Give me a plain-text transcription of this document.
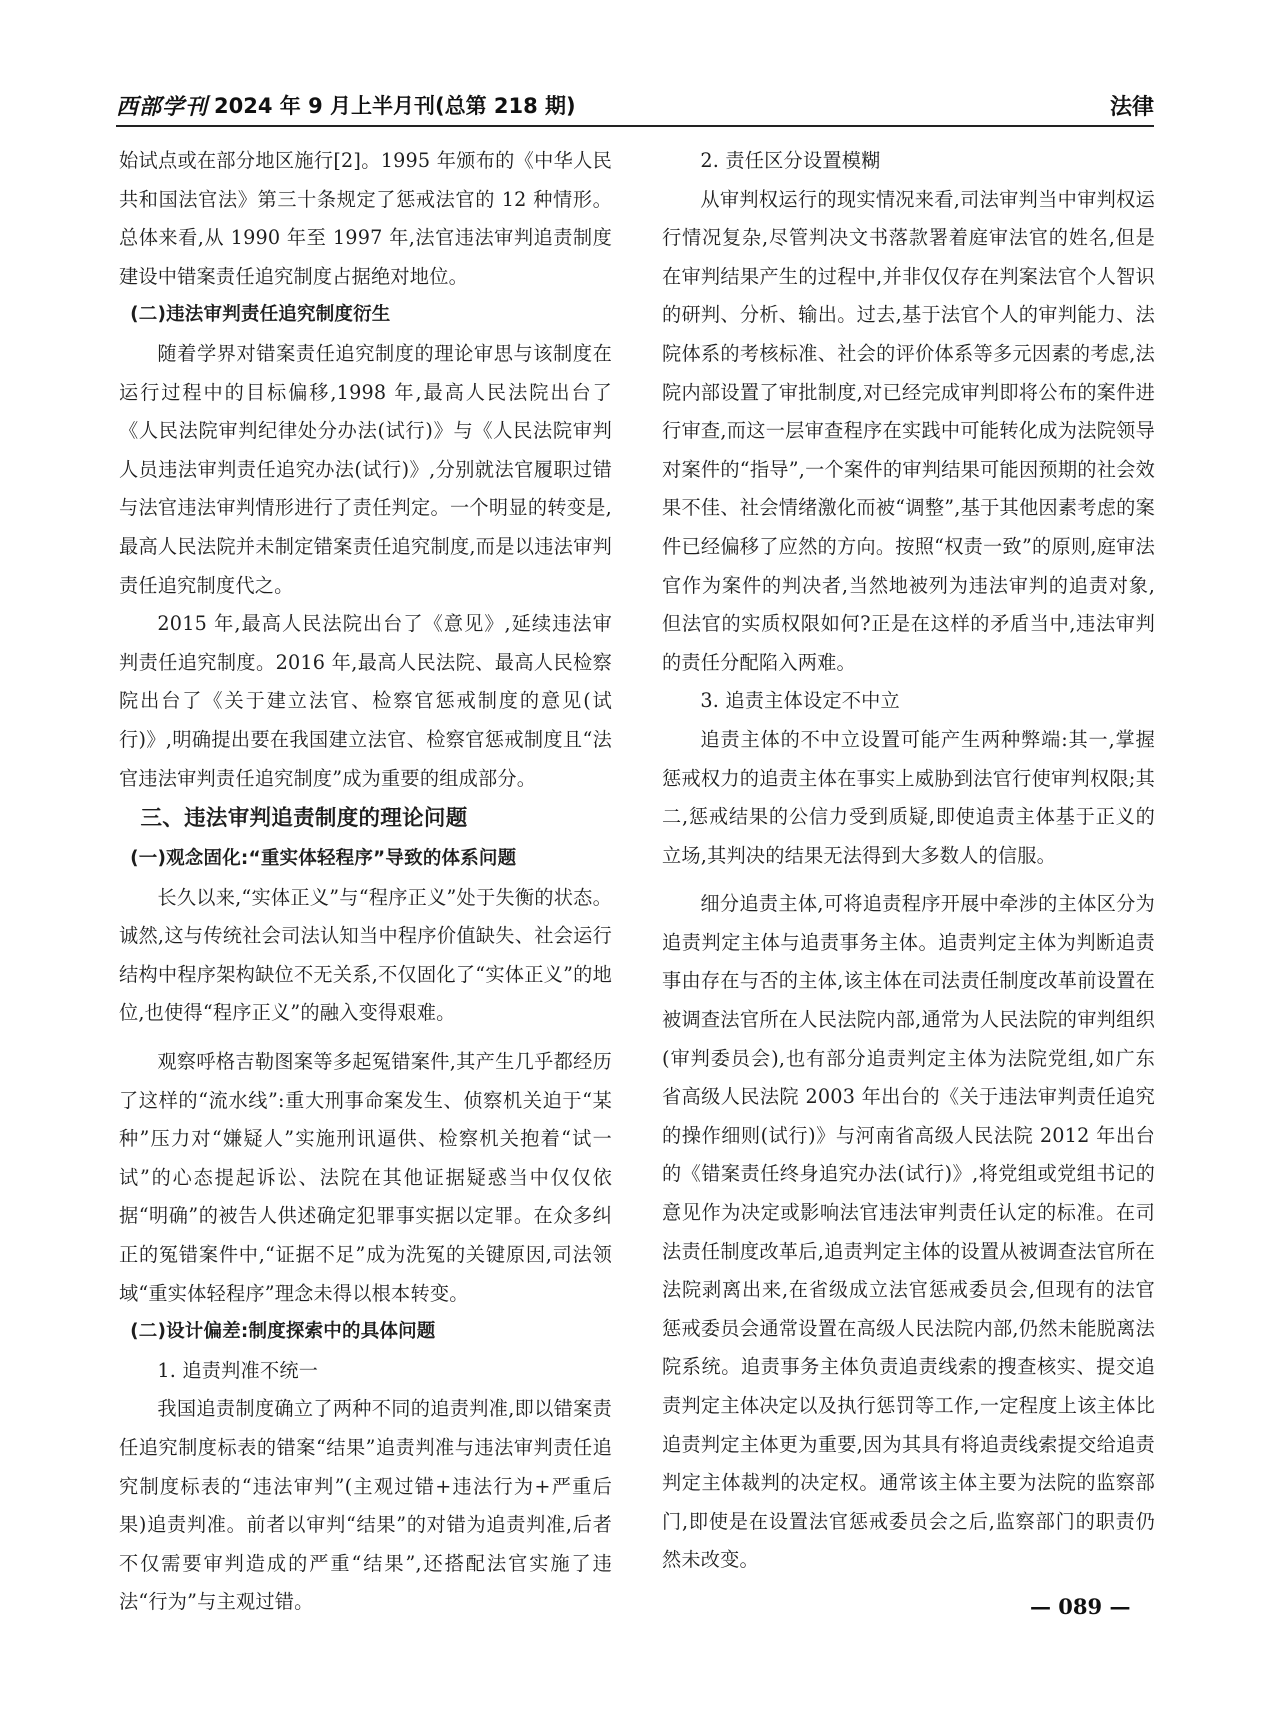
西部学刊 2024 年 9 月上半月刊(总第 218 期)	法律

始试点或在部分地区施行[2]。1995 年颁布的《中华人民共和国法官法》第三十条规定了惩戒法官的 12 种情形。总体来看,从 1990 年至 1997 年,法官违法审判追责制度建设中错案责任追究制度占据绝对地位。

(二)违法审判责任追究制度衍生

随着学界对错案责任追究制度的理论审思与该制度在运行过程中的目标偏移,1998 年,最高人民法院出台了《人民法院审判纪律处分办法(试行)》与《人民法院审判人员违法审判责任追究办法(试行)》,分别就法官履职过错与法官违法审判情形进行了责任判定。一个明显的转变是,最高人民法院并未制定错案责任追究制度,而是以违法审判责任追究制度代之。

2015 年,最高人民法院出台了《意见》,延续违法审判责任追究制度。2016 年,最高人民法院、最高人民检察院出台了《关于建立法官、检察官惩戒制度的意见(试行)》,明确提出要在我国建立法官、检察官惩戒制度且“法官违法审判责任追究制度”成为重要的组成部分。

三、违法审判追责制度的理论问题
(一)观念固化:“重实体轻程序”导致的体系问题

长久以来,“实体正义”与“程序正义”处于失衡的状态。诚然,这与传统社会司法认知当中程序价值缺失、社会运行结构中程序架构缺位不无关系,不仅固化了“实体正义”的地位,也使得“程序正义”的融入变得艰难。

观察呼格吉勒图案等多起冤错案件,其产生几乎都经历了这样的“流水线”:重大刑事命案发生、侦察机关迫于“某种”压力对“嫌疑人”实施刑讯逼供、检察机关抱着“试一试”的心态提起诉讼、法院在其他证据疑惑当中仅仅依据“明确”的被告人供述确定犯罪事实据以定罪。在众多纠正的冤错案件中,“证据不足”成为洗冤的关键原因,司法领域“重实体轻程序”理念未得以根本转变。

(二)设计偏差:制度探索中的具体问题

1. 追责判准不统一

我国追责制度确立了两种不同的追责判准,即以错案责任追究制度标表的错案“结果”追责判准与违法审判责任追究制度标表的“违法审判”(主观过错+违法行为+严重后果)追责判准。前者以审判“结果”的对错为追责判准,后者不仅需要审判造成的严重“结果”,还搭配法官实施了违法“行为”与主观过错。

2. 责任区分设置模糊

从审判权运行的现实情况来看,司法审判当中审判权运行情况复杂,尽管判决文书落款署着庭审法官的姓名,但是在审判结果产生的过程中,并非仅仅存在判案法官个人智识的研判、分析、输出。过去,基于法官个人的审判能力、法院体系的考核标准、社会的评价体系等多元因素的考虑,法院内部设置了审批制度,对已经完成审判即将公布的案件进行审查,而这一层审查程序在实践中可能转化成为法院领导对案件的“指导”,一个案件的审判结果可能因预期的社会效果不佳、社会情绪激化而被“调整”,基于其他因素考虑的案件已经偏移了应然的方向。按照“权责一致”的原则,庭审法官作为案件的判决者,当然地被列为违法审判的追责对象,但法官的实质权限如何?正是在这样的矛盾当中,违法审判的责任分配陷入两难。

3. 追责主体设定不中立

追责主体的不中立设置可能产生两种弊端:其一,掌握惩戒权力的追责主体在事实上威胁到法官行使审判权限;其二,惩戒结果的公信力受到质疑,即使追责主体基于正义的立场,其判决的结果无法得到大多数人的信服。

细分追责主体,可将追责程序开展中牵涉的主体区分为追责判定主体与追责事务主体。追责判定主体为判断追责事由存在与否的主体,该主体在司法责任制度改革前设置在被调查法官所在人民法院内部,通常为人民法院的审判组织(审判委员会),也有部分追责判定主体为法院党组,如广东省高级人民法院 2003 年出台的《关于违法审判责任追究的操作细则(试行)》与河南省高级人民法院 2012 年出台的《错案责任终身追究办法(试行)》,将党组或党组书记的意见作为决定或影响法官违法审判责任认定的标准。在司法责任制度改革后,追责判定主体的设置从被调查法官所在法院剥离出来,在省级成立法官惩戒委员会,但现有的法官惩戒委员会通常设置在高级人民法院内部,仍然未能脱离法院系统。追责事务主体负责追责线索的搜查核实、提交追责判定主体决定以及执行惩罚等工作,一定程度上该主体比追责判定主体更为重要,因为其具有将追责线索提交给追责判定主体裁判的决定权。通常该主体主要为法院的监察部门,即使是在设置法官惩戒委员会之后,监察部门的职责仍然未改变。

— 089 —
